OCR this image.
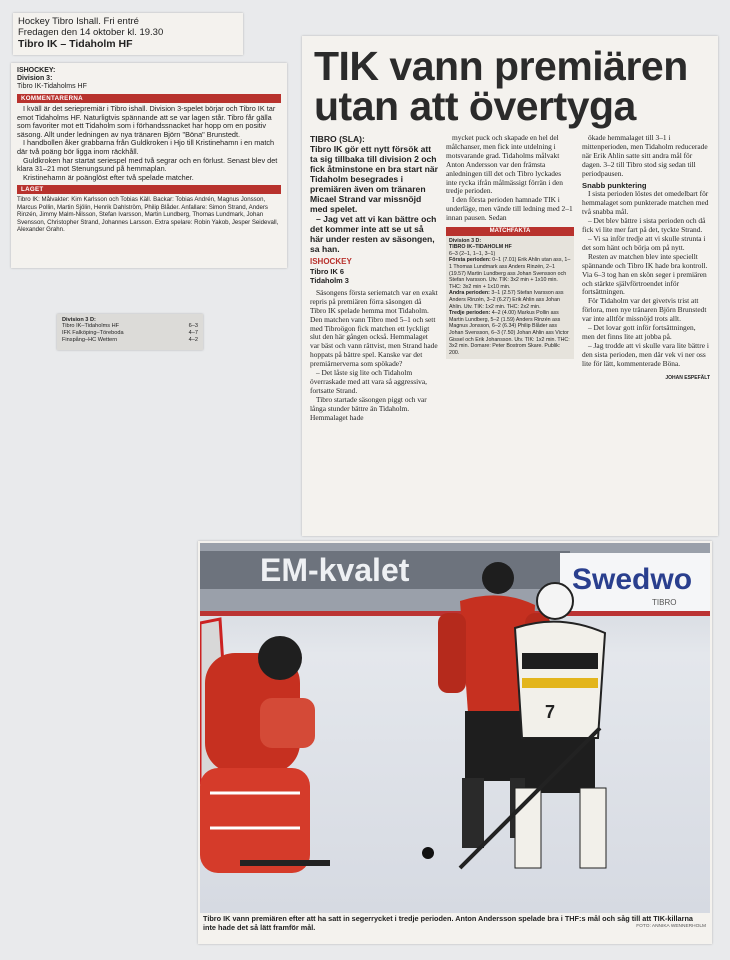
Hockey Tibro Ishall. Fri entré
Fredagen den 14 oktober kl. 19.30
Tibro IK – Tidaholm HF
ISHOCKEY:
Division 3:
Tibro IK-Tidaholms HF
KOMMENTARERNA

I kväll är det seriepremiär i Tibro ishall. Division 3-spelet börjar och Tibro IK tar emot Tidaholms HF. Naturligtvis spännande att se var lagen står. Tibro får gälla som favoriter mot ett Tidaholm som i förhandssnacket har hopp om en positiv säsong. Allt under ledningen av nya tränaren Björn "Böna" Brunstedt.

I handbollen åker grabbarna från Guldkroken i Hjo till Kristinehamn i en match där två poäng bör ligga inom räckhåll.

Guldkroken har startat seriespel med två segrar och en förlust. Senast blev det klara 31–21 mot Stenungsund på hemmaplan.

Kristinehamn är poänglöst efter två spelade matcher.

LAGET
Tibro IK: Målvakter: Kim Karlsson och Tobias Käll. Backar: Tobias Andrén, Magnus Jonsson, Marcus Pollin, Martin Sjölin, Henrik Dahlström, Philip Blåder. Anfallare: Simon Strand, Anders Rinzén, Jimmy Malm-Nilsson, Stefan Ivarsson, Martin Lundberg, Thomas Lundmark, Johan Svensson, Christopher Strand, Johannes Larsson. Extra spelare: Robin Yakob, Jesper Seidevall, Alexander Grahn.
Division 3 D:
Tibro IK–Tidaholms HF	6–3
IFK Falköping–Töreboda	4–7
Finspång–HC Wettern	4–2
TIK vann premiären
utan att övertyga

TIBRO (SLA):

Tibro IK gör ett nytt försök att ta sig tillbaka till division 2 och fick åtminstone en bra start när Tidaholm besegrades i premiären även om tränaren Micael Strand var missnöjd med spelet.

– Jag vet att vi kan bättre och det kommer inte att se ut så här under resten av säsongen, sa han.

ISHOCKEY
Tibro IK 6
Tidaholm 3

Säsongens första seriematch var en exakt repris på premiären förra säsongen då Tibro IK spelade hemma mot Tidaholm. Den matchen vann Tibro med 5–1 och sett med Tibroögon fick matchen ett lyckligt slut den här gången också. Hemmalaget var bäst och vann rättvist, men Strand hade hoppats på bättre spel. Kanske var det premiärnerverna som spökade?

– Det låste sig lite och Tidaholm överraskade med att vara så aggressiva, fortsatte Strand.

Tibro startade säsongen piggt och var långa stunder bättre än Tidaholm. Hemmalaget hade

mycket puck och skapade en hel del målchanser, men fick inte utdelning i motsvarande grad. Tidaholms målvakt Anton Andersson var den främsta anledningen till det och Tibro lyckades inte rycka ifrån målmässigt förrän i den tredje perioden.

I den första perioden hamnade TIK i underläge, men vände till ledning med 2–1 innan pausen. Sedan

MATCHFAKTA
Division 3 D:
TIBRO IK–TIDAHOLM HF
6–3 (2–1, 1–1, 3–1)
Första perioden: 0–1 (7.01) Erik Ahlin utan ass, 1–1 Thomas Lundmark ass Anders Rinzén, 2–1 (19.57) Martin Lundberg ass Johan Svensson och Stefan Ivarsson. Utv. TIK: 3x2 min + 1x10 min. THC: 3x2 min + 1x10 min.
Andra perioden: 3–1 (2.57) Stefan Ivarsson ass Anders Rinzén, 3–2 (6.27) Erik Ahlin ass Johan Ahlin. Utv. TIK: 1x2 min. THC: 2x2 min.
Tredje perioden: 4–2 (4.00) Markus Pollin ass Martin Lundberg, 5–2 (1.59) Anders Rinzén ass Magnus Jonsson, 6–2 (6.34) Philip Blåder ass Johan Svensson, 6–3 (7.50) Johan Ahlin ass Victor Gissel och Erik Johansson. Utv. TIK: 1x2 min. THC: 3x2 min. Domare: Peter Bostrom Skare. Publik: 200.

ökade hemmalaget till 3–1 i mittenperioden, men Tidaholm reducerade när Erik Ahlin satte sitt andra mål för dagen. 3–2 till Tibro stod sig sedan till periodpausen.

Snabb punktering

I sista perioden löstes det omedelbart för hemmalaget som punkterade matchen med två snabba mål.

– Det blev bättre i sista perioden och då fick vi lite mer fart på det, tyckte Strand.

– Vi sa inför tredje att vi skulle strunta i det som hänt och börja om på nytt.

Resten av matchen blev inte speciellt spännande och Tibro IK hade bra kontroll. Via 6–3 tog han en skön seger i premiären och stärkte självförtroendet inför fortsättningen.

För Tidaholm var det givetvis trist att förlora, men nye tränaren Björn Brunstedt var inte alltför missnöjd trots allt.

– Det lovar gott inför fortsättningen, men det finns lite att jobba på.

– Jag trodde att vi skulle vara lite bättre i den sista perioden, men där vek vi ner oss lite för lätt, kommenterade Böna.

JOHAN ESPEFÄLT
EM-kvalet	Swedwo
TIBRO
7
Tibro IK vann premiären efter att ha satt in segerrycket i tredje perioden. Anton Andersson spelade bra i THF:s mål och såg till att TIK-killarna inte hade det så lätt framför mål.	FOTO: ANNIKA WENNERHOLM
